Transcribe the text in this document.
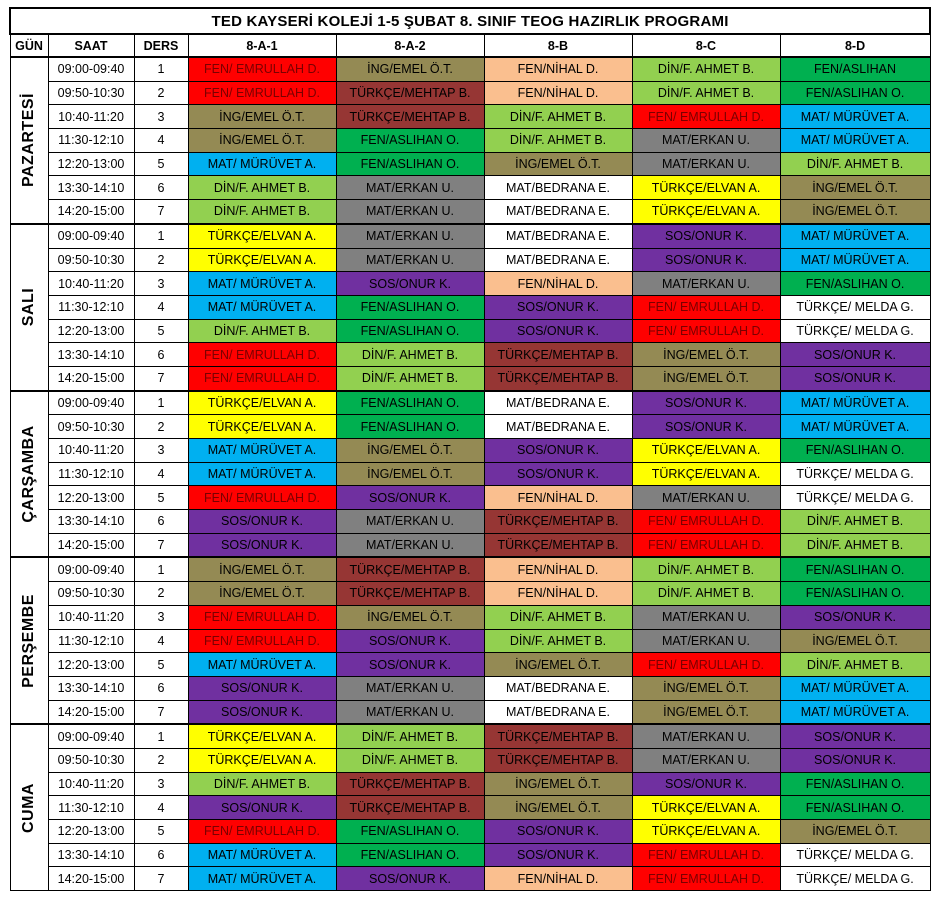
TED KAYSERİ KOLEJİ 1-5 ŞUBAT 8. SINIF TEOG HAZIRLIK PROGRAMI							
GÜN	SAAT	DERS	8-A-1	8-A-2	8-B	8-C	8-D

PAZARTESİ	09:00-09:40	1	FEN/ EMRULLAH D.	İNG/EMEL Ö.T.	FEN/NİHAL D.	DİN/F. AHMET B.	FEN/ASLIHAN
	09:50-10:30	2	FEN/ EMRULLAH D.	TÜRKÇE/MEHTAP B.	FEN/NİHAL D.	DİN/F. AHMET B.	FEN/ASLIHAN O.
	10:40-11:20	3	İNG/EMEL Ö.T.	TÜRKÇE/MEHTAP B.	DİN/F. AHMET B.	FEN/ EMRULLAH D.	MAT/ MÜRÜVET A.
	11:30-12:10	4	İNG/EMEL Ö.T.	FEN/ASLIHAN O.	DİN/F. AHMET B.	MAT/ERKAN U.	MAT/ MÜRÜVET A.
	12:20-13:00	5	MAT/ MÜRÜVET A.	FEN/ASLIHAN O.	İNG/EMEL Ö.T.	MAT/ERKAN U.	DİN/F. AHMET B.
	13:30-14:10	6	DİN/F. AHMET B.	MAT/ERKAN U.	MAT/BEDRANA E.	TÜRKÇE/ELVAN A.	İNG/EMEL Ö.T.
	14:20-15:00	7	DİN/F. AHMET B.	MAT/ERKAN U.	MAT/BEDRANA E.	TÜRKÇE/ELVAN A.	İNG/EMEL Ö.T.

SALI	09:00-09:40	1	TÜRKÇE/ELVAN A.	MAT/ERKAN U.	MAT/BEDRANA E.	SOS/ONUR K.	MAT/ MÜRÜVET A.
	09:50-10:30	2	TÜRKÇE/ELVAN A.	MAT/ERKAN U.	MAT/BEDRANA E.	SOS/ONUR K.	MAT/ MÜRÜVET A.
	10:40-11:20	3	MAT/ MÜRÜVET A.	SOS/ONUR K.	FEN/NİHAL D.	MAT/ERKAN U.	FEN/ASLIHAN O.
	11:30-12:10	4	MAT/ MÜRÜVET A.	FEN/ASLIHAN O.	SOS/ONUR K.	FEN/ EMRULLAH D.	TÜRKÇE/ MELDA G.
	12:20-13:00	5	DİN/F. AHMET B.	FEN/ASLIHAN O.	SOS/ONUR K.	FEN/ EMRULLAH D.	TÜRKÇE/ MELDA G.
	13:30-14:10	6	FEN/ EMRULLAH D.	DİN/F. AHMET B.	TÜRKÇE/MEHTAP B.	İNG/EMEL Ö.T.	SOS/ONUR K.
	14:20-15:00	7	FEN/ EMRULLAH D.	DİN/F. AHMET B.	TÜRKÇE/MEHTAP B.	İNG/EMEL Ö.T.	SOS/ONUR K.

ÇARŞAMBA	09:00-09:40	1	TÜRKÇE/ELVAN A.	FEN/ASLIHAN O.	MAT/BEDRANA E.	SOS/ONUR K.	MAT/ MÜRÜVET A.
	09:50-10:30	2	TÜRKÇE/ELVAN A.	FEN/ASLIHAN O.	MAT/BEDRANA E.	SOS/ONUR K.	MAT/ MÜRÜVET A.
	10:40-11:20	3	MAT/ MÜRÜVET A.	İNG/EMEL Ö.T.	SOS/ONUR K.	TÜRKÇE/ELVAN A.	FEN/ASLIHAN O.
	11:30-12:10	4	MAT/ MÜRÜVET A.	İNG/EMEL Ö.T.	SOS/ONUR K.	TÜRKÇE/ELVAN A.	TÜRKÇE/ MELDA G.
	12:20-13:00	5	FEN/ EMRULLAH D.	SOS/ONUR K.	FEN/NİHAL D.	MAT/ERKAN U.	TÜRKÇE/ MELDA G.
	13:30-14:10	6	SOS/ONUR K.	MAT/ERKAN U.	TÜRKÇE/MEHTAP B.	FEN/ EMRULLAH D.	DİN/F. AHMET B.
	14:20-15:00	7	SOS/ONUR K.	MAT/ERKAN U.	TÜRKÇE/MEHTAP B.	FEN/ EMRULLAH D.	DİN/F. AHMET B.

PERŞEMBE	09:00-09:40	1	İNG/EMEL Ö.T.	TÜRKÇE/MEHTAP B.	FEN/NİHAL D.	DİN/F. AHMET B.	FEN/ASLIHAN O.
	09:50-10:30	2	İNG/EMEL Ö.T.	TÜRKÇE/MEHTAP B.	FEN/NİHAL D.	DİN/F. AHMET B.	FEN/ASLIHAN O.
	10:40-11:20	3	FEN/ EMRULLAH D.	İNG/EMEL Ö.T.	DİN/F. AHMET B.	MAT/ERKAN U.	SOS/ONUR K.
	11:30-12:10	4	FEN/ EMRULLAH D.	SOS/ONUR K.	DİN/F. AHMET B.	MAT/ERKAN U.	İNG/EMEL Ö.T.
	12:20-13:00	5	MAT/ MÜRÜVET A.	SOS/ONUR K.	İNG/EMEL Ö.T.	FEN/ EMRULLAH D.	DİN/F. AHMET B.
	13:30-14:10	6	SOS/ONUR K.	MAT/ERKAN U.	MAT/BEDRANA E.	İNG/EMEL Ö.T.	MAT/ MÜRÜVET A.
	14:20-15:00	7	SOS/ONUR K.	MAT/ERKAN U.	MAT/BEDRANA E.	İNG/EMEL Ö.T.	MAT/ MÜRÜVET A.

CUMA	09:00-09:40	1	TÜRKÇE/ELVAN A.	DİN/F. AHMET B.	TÜRKÇE/MEHTAP B.	MAT/ERKAN U.	SOS/ONUR K.
	09:50-10:30	2	TÜRKÇE/ELVAN A.	DİN/F. AHMET B.	TÜRKÇE/MEHTAP B.	MAT/ERKAN U.	SOS/ONUR K.
	10:40-11:20	3	DİN/F. AHMET B.	TÜRKÇE/MEHTAP B.	İNG/EMEL Ö.T.	SOS/ONUR K.	FEN/ASLIHAN O.
	11:30-12:10	4	SOS/ONUR K.	TÜRKÇE/MEHTAP B.	İNG/EMEL Ö.T.	TÜRKÇE/ELVAN A.	FEN/ASLIHAN O.
	12:20-13:00	5	FEN/ EMRULLAH D.	FEN/ASLIHAN O.	SOS/ONUR K.	TÜRKÇE/ELVAN A.	İNG/EMEL Ö.T.
	13:30-14:10	6	MAT/ MÜRÜVET A.	FEN/ASLIHAN O.	SOS/ONUR K.	FEN/ EMRULLAH D.	TÜRKÇE/ MELDA G.
	14:20-15:00	7	MAT/ MÜRÜVET A.	SOS/ONUR K.	FEN/NİHAL D.	FEN/ EMRULLAH D.	TÜRKÇE/ MELDA G.
